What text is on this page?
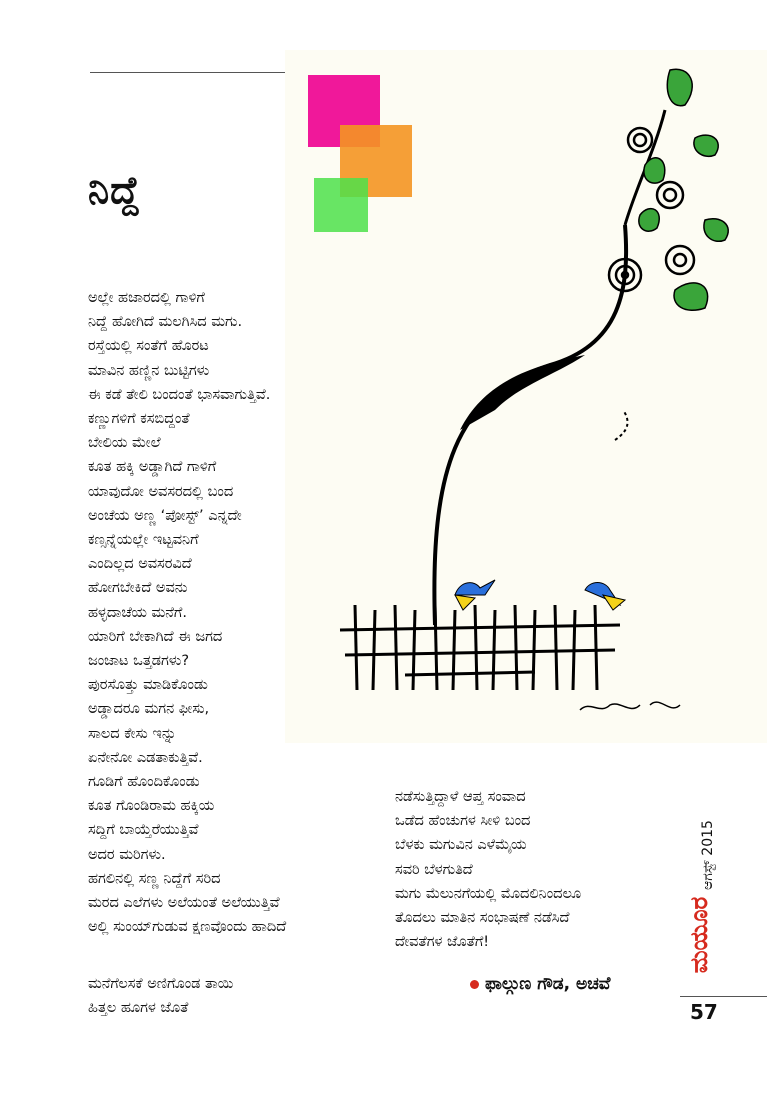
ನಿದ್ದೆ
ಅಲ್ಲೇ ಹಜಾರದಲ್ಲಿ ಗಾಳಿಗೆ
ನಿದ್ದೆ ಹೋಗಿದೆ ಮಲಗಿಸಿದ ಮಗು.
ರಸ್ತೆಯಲ್ಲಿ ಸಂತೆಗೆ ಹೊರಟ
ಮಾವಿನ ಹಣ್ಣಿನ ಬುಟ್ಟಿಗಳು
ಈ ಕಡೆ ತೇಲಿ ಬಂದಂತೆ ಭಾಸವಾಗುತ್ತಿವೆ.
ಕಣ್ಣುಗಳಿಗೆ ಕಸಬಿದ್ದಂತೆ
ಬೇಲಿಯ ಮೇಲೆ
ಕೂತ ಹಕ್ಕಿ ಅಡ್ಡಾಗಿದೆ ಗಾಳಿಗೆ
ಯಾವುದೋ ಅವಸರದಲ್ಲಿ ಬಂದ
ಅಂಚೆಯ ಅಣ್ಣ ‘ಪೋಸ್ಟ್’ ಎನ್ನದೇ
ಕಣ್ಸನ್ನೆಯಲ್ಲೇ ಇಟ್ಟವನಿಗೆ
ಎಂದಿಲ್ಲದ ಅವಸರವಿದೆ
ಹೋಗಬೇಕಿದೆ ಅವನು
ಹಳ್ಳದಾಚೆಯ ಮನೆಗೆ.
ಯಾರಿಗೆ ಬೇಕಾಗಿದೆ ಈ ಜಗದ
ಜಂಜಾಟ ಒತ್ತಡಗಳು?
ಪುರಸೊತ್ತು ಮಾಡಿಕೊಂಡು
ಅಡ್ಡಾದರೂ ಮಗನ ಫೀಸು,
ಸಾಲದ ಕೇಸು ಇನ್ನು
ಏನೇನೋ ಎಡತಾಕುತ್ತಿವೆ.
ಗೂಡಿಗೆ ಹೊಂದಿಕೊಂಡು
ಕೂತ ಗೊಂಡಿರಾಮ ಹಕ್ಕಿಯ
ಸದ್ದಿಗೆ ಬಾಯ್ತೆರೆಯುತ್ತಿವೆ
ಅದರ ಮರಿಗಳು.
ಹಗಲಿನಲ್ಲಿ ಸಣ್ಣ ನಿದ್ದೆಗೆ ಸರಿದ
ಮರದ ಎಲೆಗಳು ಅಲೆಯಂತೆ ಅಲೆಯುತ್ತಿವೆ
ಅಲ್ಲಿ ಸುಂಯ್‌ಗುಡುವ ಕ್ಷಣವೊಂದು ಹಾದಿದೆ
ಮನೆಗೆಲಸಕೆ ಅಣಿಗೊಂಡ ತಾಯಿ
ಹಿತ್ತಲ ಹೂಗಳ ಜೊತೆ
ನಡೆಸುತ್ತಿದ್ದಾಳೆ ಆಪ್ತ ಸಂವಾದ
ಒಡೆದ ಹೆಂಚುಗಳ ಸೀಳಿ ಬಂದ
ಬೆಳಕು ಮಗುವಿನ ಎಳೆಮೈಯ
ಸವರಿ ಬೆಳಗುತಿದೆ
ಮಗು ಮೆಲುನಗೆಯಲ್ಲಿ ಮೊದಲಿನಿಂದಲೂ
ತೊದಲು ಮಾತಿನ ಸಂಭಾಷಣೆ ನಡೆಸಿದೆ
ದೇವತೆಗಳ ಜೊತೆಗೆ!
ಫಾಲ್ಗುಣ ಗೌಡ, ಅಚವೆ
ಆಗಸ್ಟ್ 2015
ಮಯೂರ
57
